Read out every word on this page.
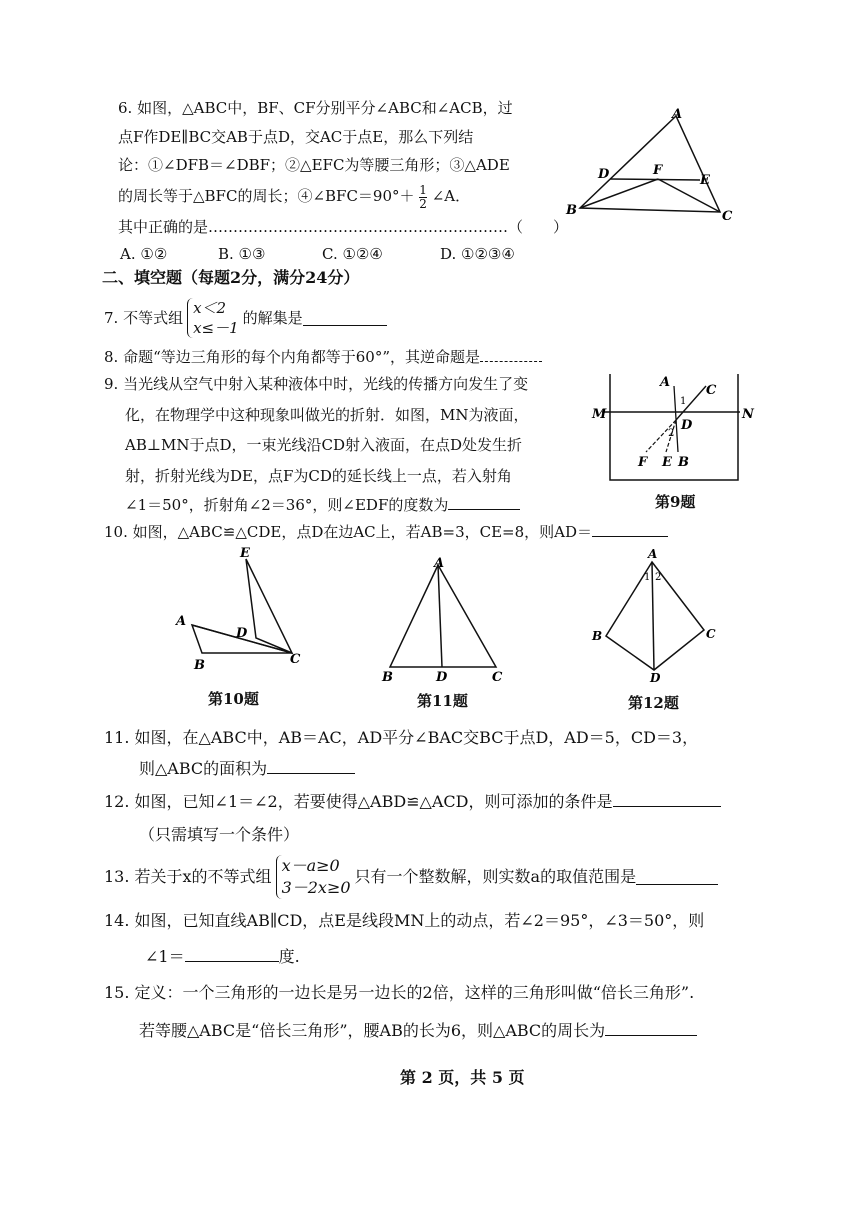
6. 如图，△ABC中，BF、CF分别平分∠ABC和∠ACB，过
点F作DE∥BC交AB于点D，交AC于点E，那么下列结
论：①∠DFB＝∠DBF；②△EFC为等腰三角形；③△ADE
的周长等于△BFC的周长；④∠BFC＝90°＋ $\frac{1}{2}$ ∠A．
其中正确的是……………………………………………………（　　）
A. ①②	B. ①③	C. ①②④	D. ①②③④
A
B	C
D	E
F
二、填空题（每题2分，满分24分）
7. 不等式组
x＜2
x≤－1
的解集是
8. 命题“等边三角形的每个内角都等于60°”，其逆命题是
9. 当光线从空气中射入某种液体中时，光线的传播方向发生了变
化，在物理学中这种现象叫做光的折射．如图，MN为液面，
AB⊥MN于点D，一束光线沿CD射入液面，在点D处发生折
射，折射光线为DE，点F为CD的延长线上一点，若入射角
∠1＝50°，折射角∠2＝36°，则∠EDF的度数为
A
C
M	N
D
F E B
1
2
第9题
10. 如图，△ABC≌△CDE，点D在边AC上，若AB=3，CE=8，则AD＝
E
A
D
B	C
第10题
A
B	D	C
第11题
A
1 2
B	C
D
第12题
11. 如图，在△ABC中，AB＝AC，AD平分∠BAC交BC于点D，AD＝5，CD＝3，
则△ABC的面积为
12. 如图，已知∠1＝∠2，若要使得△ABD≌△ACD，则可添加的条件是
（只需填写一个条件）
13. 若关于x的不等式组
x－a≥0
3－2x≥0
只有一个整数解，则实数a的取值范围是
14. 如图，已知直线AB∥CD，点E是线段MN上的动点，若∠2＝95°，∠3＝50°，则
∠1＝	度.
15. 定义：一个三角形的一边长是另一边长的2倍，这样的三角形叫做“倍长三角形”.
若等腰△ABC是“倍长三角形”，腰AB的长为6，则△ABC的周长为
第 2 页，共 5 页
